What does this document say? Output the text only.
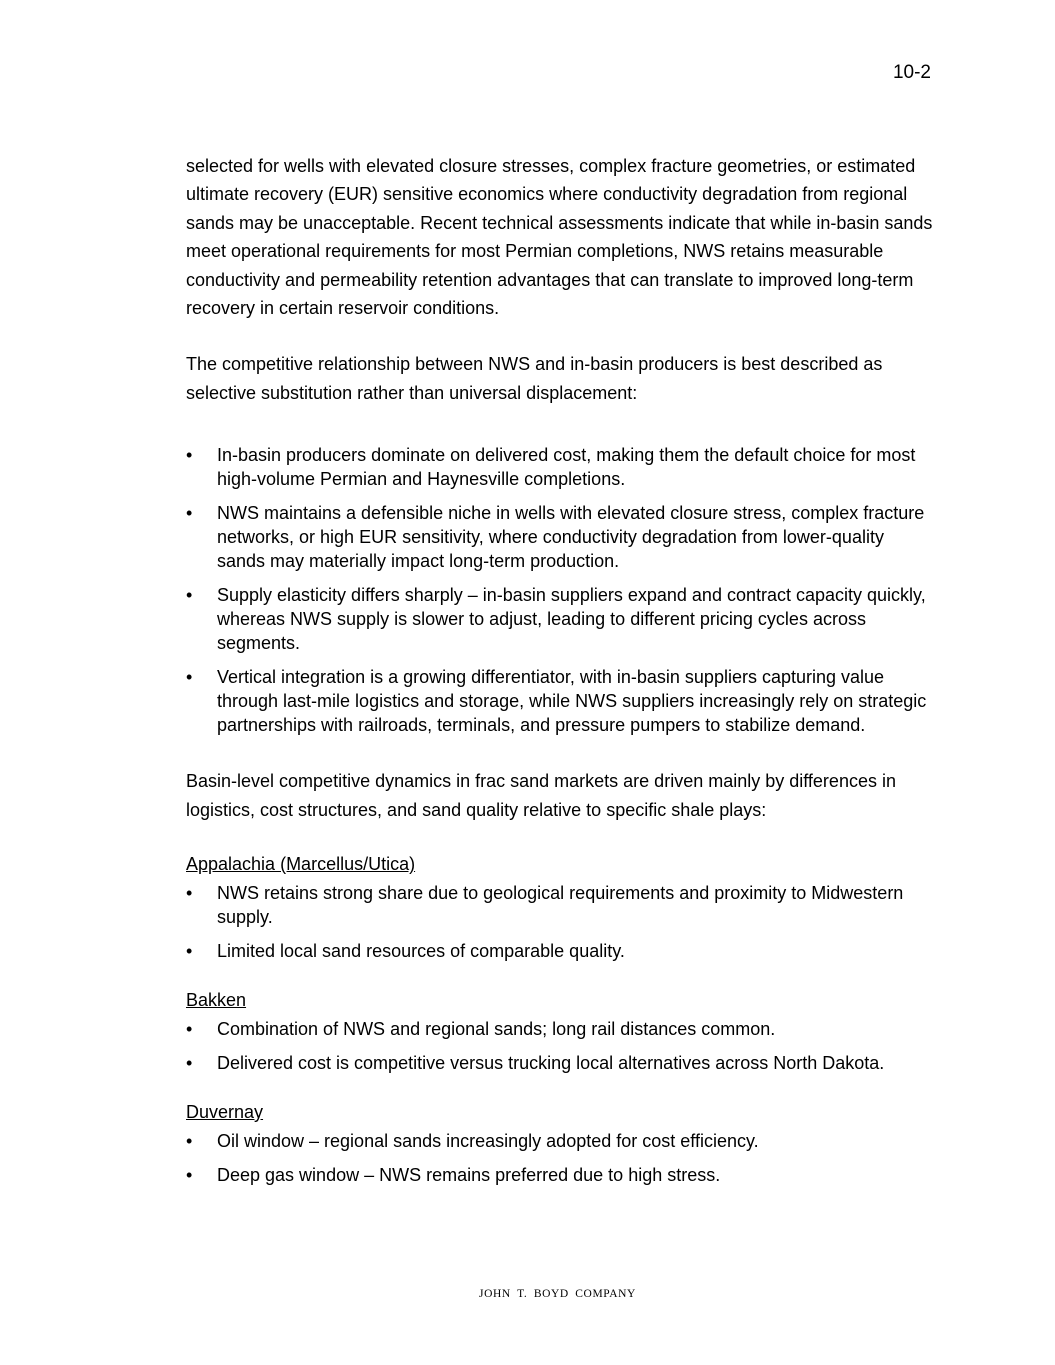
10-2

selected for wells with elevated closure stresses, complex fracture geometries, or estimated ultimate recovery (EUR) sensitive economics where conductivity degradation from regional sands may be unacceptable. Recent technical assessments indicate that while in-basin sands meet operational requirements for most Permian completions, NWS retains measurable conductivity and permeability retention advantages that can translate to improved long-term recovery in certain reservoir conditions.

The competitive relationship between NWS and in-basin producers is best described as selective substitution rather than universal displacement:

•	In-basin producers dominate on delivered cost, making them the default choice for most high-volume Permian and Haynesville completions.
•	NWS maintains a defensible niche in wells with elevated closure stress, complex fracture networks, or high EUR sensitivity, where conductivity degradation from lower-quality sands may materially impact long-term production.
•	Supply elasticity differs sharply – in-basin suppliers expand and contract capacity quickly, whereas NWS supply is slower to adjust, leading to different pricing cycles across segments.
•	Vertical integration is a growing differentiator, with in-basin suppliers capturing value through last-mile logistics and storage, while NWS suppliers increasingly rely on strategic partnerships with railroads, terminals, and pressure pumpers to stabilize demand.

Basin-level competitive dynamics in frac sand markets are driven mainly by differences in logistics, cost structures, and sand quality relative to specific shale plays:

Appalachia (Marcellus/Utica)

•	NWS retains strong share due to geological requirements and proximity to Midwestern supply.
•	Limited local sand resources of comparable quality.

Bakken

•	Combination of NWS and regional sands; long rail distances common.
•	Delivered cost is competitive versus trucking local alternatives across North Dakota.

Duvernay

•	Oil window – regional sands increasingly adopted for cost efficiency.
•	Deep gas window – NWS remains preferred due to high stress.
JOHN T. BOYD COMPANY
